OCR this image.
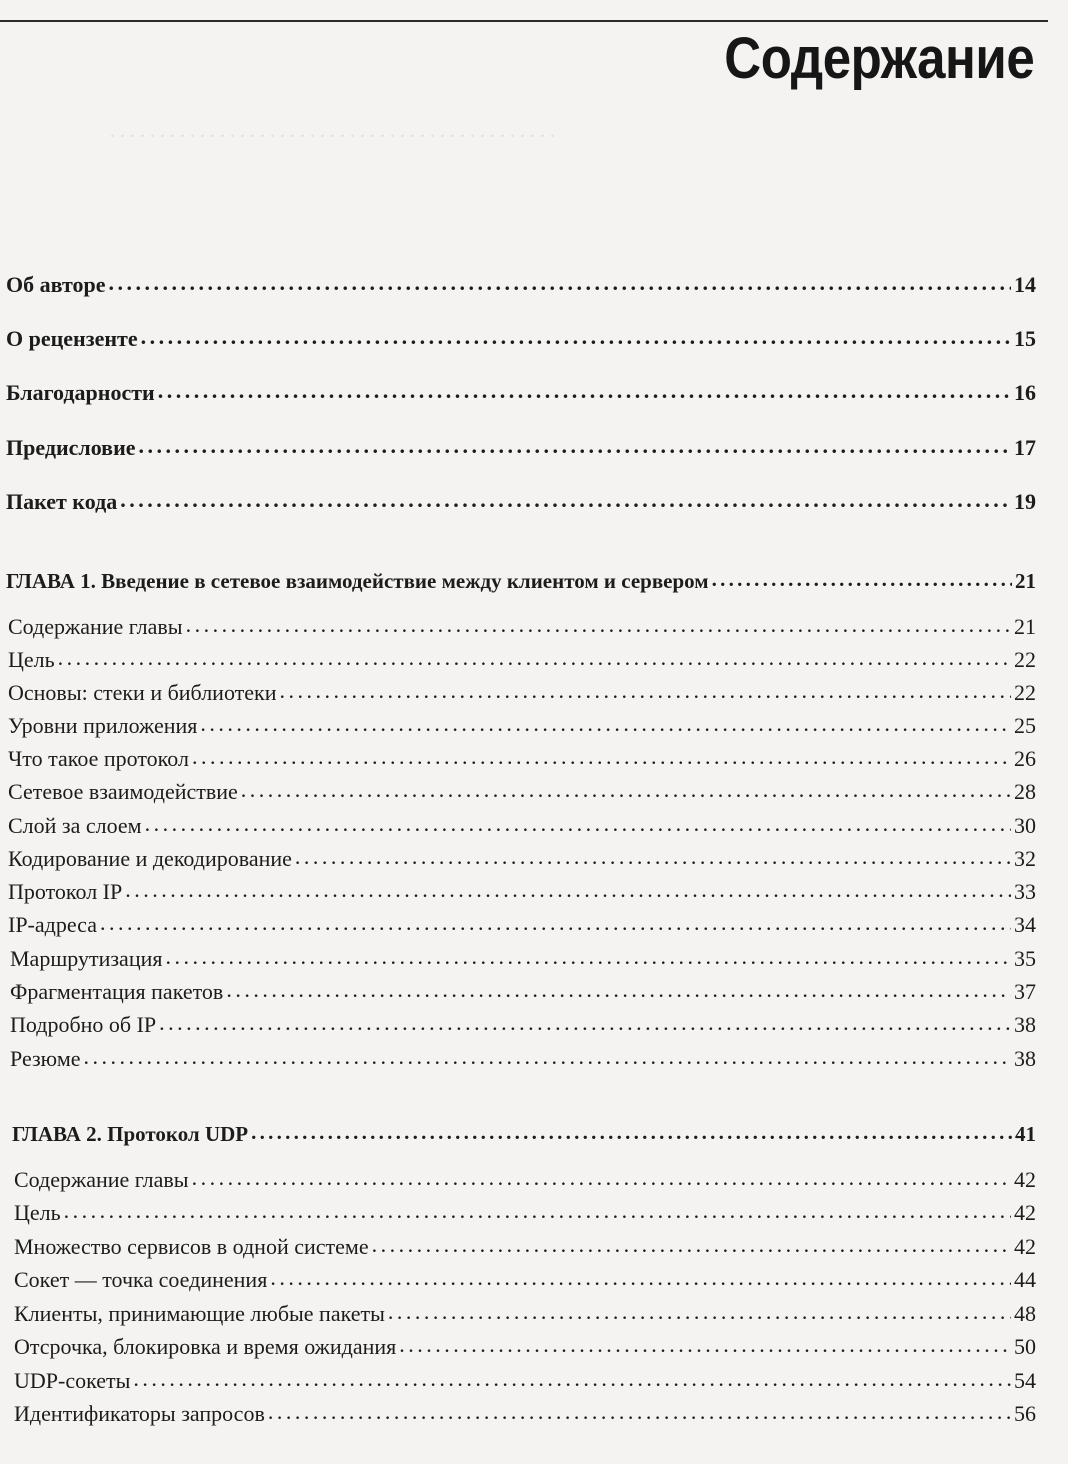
. . . . . . . . . . . . . . . . . . . . . . . . . . . . . . . . . . . . . . . . . . . . .
Содержание
Об авторе . . .	14
О рецензенте . . .	15
Благодарности . . .	16
Предисловие . . .	17
Пакет кода . . .	19
ГЛАВА 1. Введение в сетевое взаимодействие между клиентом и сервером . . .	21
Содержание главы . . .	21
Цель . . .	22
Основы: стеки и библиотеки . . .	22
Уровни приложения . . .	25
Что такое протокол . . .	26
Сетевое взаимодействие . . .	28
Слой за слоем . . .	30
Кодирование и декодирование . . .	32
Протокол IP . . .	33
IP-адреса . . .	34
Маршрутизация . . .	35
Фрагментация пакетов . . .	37
Подробно об IP . . .	38
Резюме . . .	38
ГЛАВА 2. Протокол UDP . . .	41
Содержание главы . . .	42
Цель . . .	42
Множество сервисов в одной системе . . .	42
Сокет — точка соединения . . .	44
Клиенты, принимающие любые пакеты . . .	48
Отсрочка, блокировка и время ожидания . . .	50
UDP-сокеты . . .	54
Идентификаторы запросов . . .	56
